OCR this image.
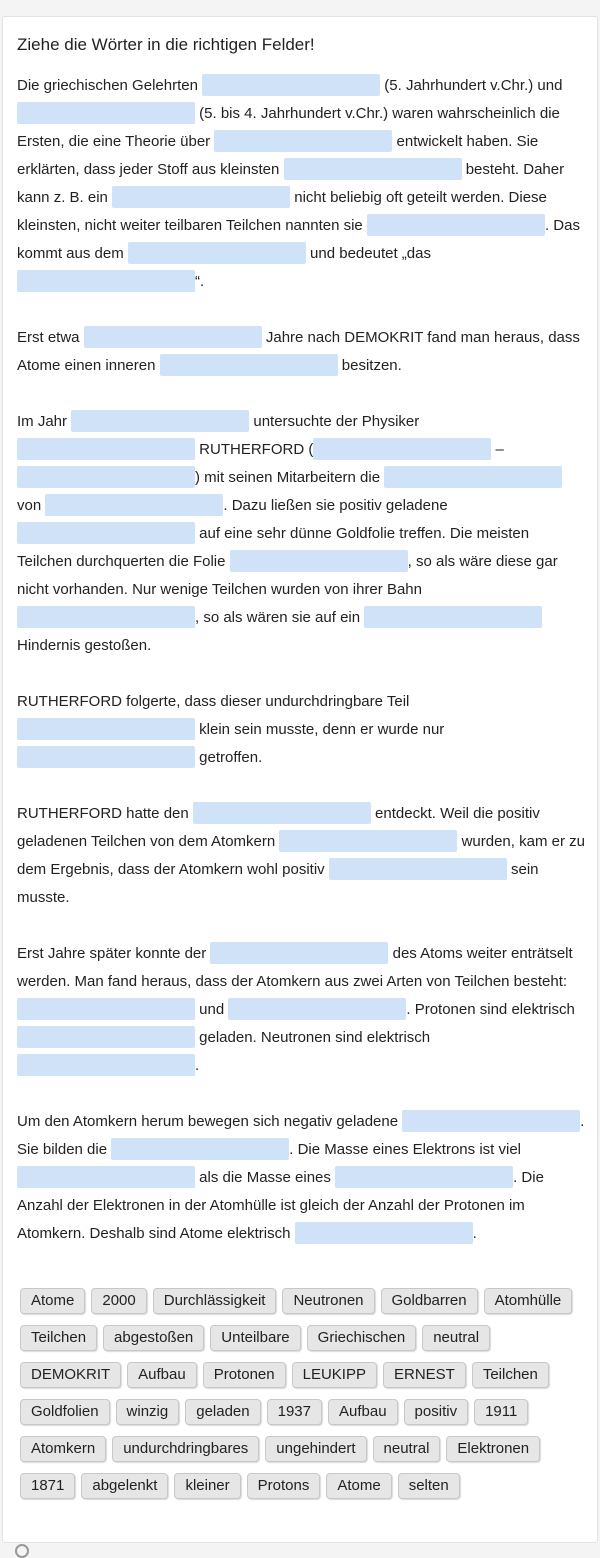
Ziehe die Wörter in die richtigen Felder!

Die griechischen Gelehrten	(5. Jahrhundert v.Chr.) und  (5. bis 4. Jahrhundert v.Chr.) waren wahrscheinlich die Ersten, die eine Theorie über	entwickelt haben. Sie erklärten, dass jeder Stoff aus kleinsten	besteht. Daher kann z. B. ein	nicht beliebig oft geteilt werden. Diese kleinsten, nicht weiter teilbaren Teilchen nannten sie	. Das kommt aus dem	und bedeutet „das “.

Erst etwa	Jahre nach DEMOKRIT fand man heraus, dass Atome einen inneren	besitzen.

Im Jahr	untersuchte der Physiker  RUTHERFORD (	–) mit seinen Mitarbeitern die  von	. Dazu ließen sie positiv geladene  auf eine sehr dünne Goldfolie treffen. Die meisten Teilchen durchquerten die Folie	, so als wäre diese gar nicht vorhanden. Nur wenige Teilchen wurden von ihrer Bahn , so als wären sie auf ein  Hindernis gestoßen.

RUTHERFORD folgerte, dass dieser undurchdringbare Teil  klein sein musste, denn er wurde nur  getroffen.

RUTHERFORD hatte den	entdeckt. Weil die positiv geladenen Teilchen von dem Atomkern	wurden, kam er zu dem Ergebnis, dass der Atomkern wohl positiv	sein musste.

Erst Jahre später konnte der	des Atoms weiter enträtselt werden. Man fand heraus, dass der Atomkern aus zwei Arten von Teilchen besteht:  und	. Protonen sind elektrisch  geladen. Neutronen sind elektrisch .

Um den Atomkern herum bewegen sich negativ geladene	. Sie bilden die	. Die Masse eines Elektrons ist viel  als die Masse eines	. Die Anzahl der Elektronen in der Atomhülle ist gleich der Anzahl der Protonen im Atomkern. Deshalb sind Atome elektrisch	.

Atome 2000 Durchlässigkeit Neutronen Goldbarren AtomhülleTeilchen abgestoßen Unteilbare Griechischen neutralDEMOKRIT Aufbau Protonen LEUKIPP ERNEST TeilchenGoldfolien winzig geladen 1937 Aufbau positiv 1911Atomkern undurchdringbares ungehindert neutral Elektronen1871 abgelenkt kleiner Protons Atome selten
